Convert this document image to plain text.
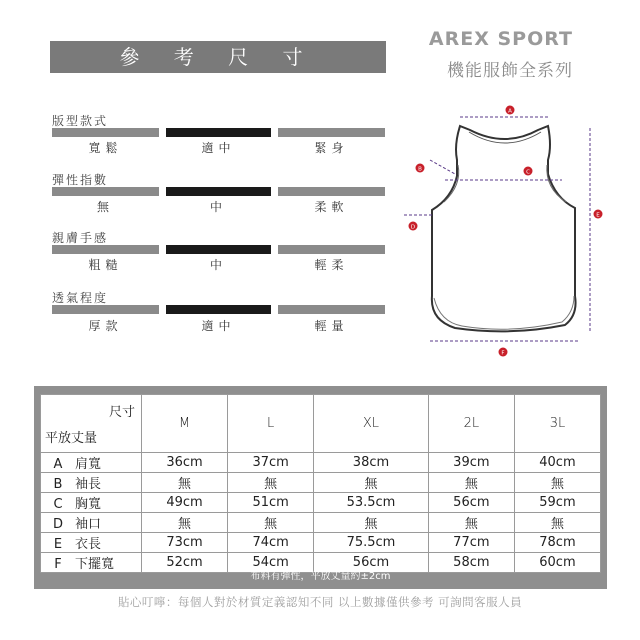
參 考 尺 寸
AREX SPORT
機能服飾全系列
版型款式
寬鬆	適中	緊身
彈性指數
無	中	柔軟
親膚手感
粗糙	中	輕柔
透氣程度
厚款	適中	輕量
A
B	C
D
E
F
尺寸
平放丈量	M	L	XL	2L	3L
A 肩寬	36cm	37cm	38cm	39cm	40cm
B 袖長	無	無	無	無	無
C 胸寬	49cm	51cm	53.5cm	56cm	59cm
D 袖口	無	無	無	無	無
E 衣長	73cm	74cm	75.5cm	77cm	78cm
F 下擺寬	52cm	54cm	56cm	58cm	60cm
布料有彈性，平放丈量約±2cm
貼心叮嚀：每個人對於材質定義認知不同 以上數據僅供參考 可詢問客服人員
